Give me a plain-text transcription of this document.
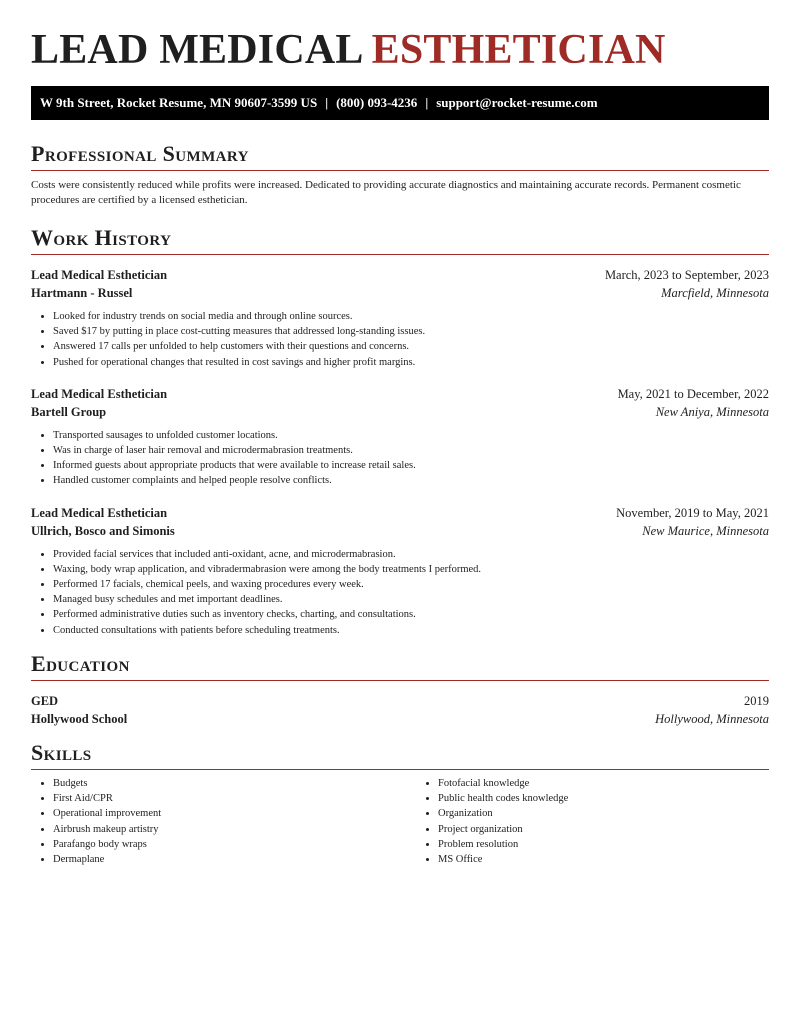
LEAD MEDICAL ESTHETICIAN
W 9th Street, Rocket Resume, MN 90607-3599 US | (800) 093-4236 | support@rocket-resume.com
Professional Summary
Costs were consistently reduced while profits were increased. Dedicated to providing accurate diagnostics and maintaining accurate records. Permanent cosmetic procedures are certified by a licensed esthetician.
Work History
Lead Medical Esthetician	March, 2023 to September, 2023
Hartmann - Russel	Marcfield, Minnesota
• Looked for industry trends on social media and through online sources.
• Saved $17 by putting in place cost-cutting measures that addressed long-standing issues.
• Answered 17 calls per unfolded to help customers with their questions and concerns.
• Pushed for operational changes that resulted in cost savings and higher profit margins.
Lead Medical Esthetician	May, 2021 to December, 2022
Bartell Group	New Aniya, Minnesota
• Transported sausages to unfolded customer locations.
• Was in charge of laser hair removal and microdermabrasion treatments.
• Informed guests about appropriate products that were available to increase retail sales.
• Handled customer complaints and helped people resolve conflicts.
Lead Medical Esthetician	November, 2019 to May, 2021
Ullrich, Bosco and Simonis	New Maurice, Minnesota
• Provided facial services that included anti-oxidant, acne, and microdermabrasion.
• Waxing, body wrap application, and vibradermabrasion were among the body treatments I performed.
• Performed 17 facials, chemical peels, and waxing procedures every week.
• Managed busy schedules and met important deadlines.
• Performed administrative duties such as inventory checks, charting, and consultations.
• Conducted consultations with patients before scheduling treatments.
Education
GED	2019
Hollywood School	Hollywood, Minnesota
Skills
• Budgets
• First Aid/CPR
• Operational improvement
• Airbrush makeup artistry
• Parafango body wraps
• Dermaplane
• Fotofacial knowledge
• Public health codes knowledge
• Organization
• Project organization
• Problem resolution
• MS Office
